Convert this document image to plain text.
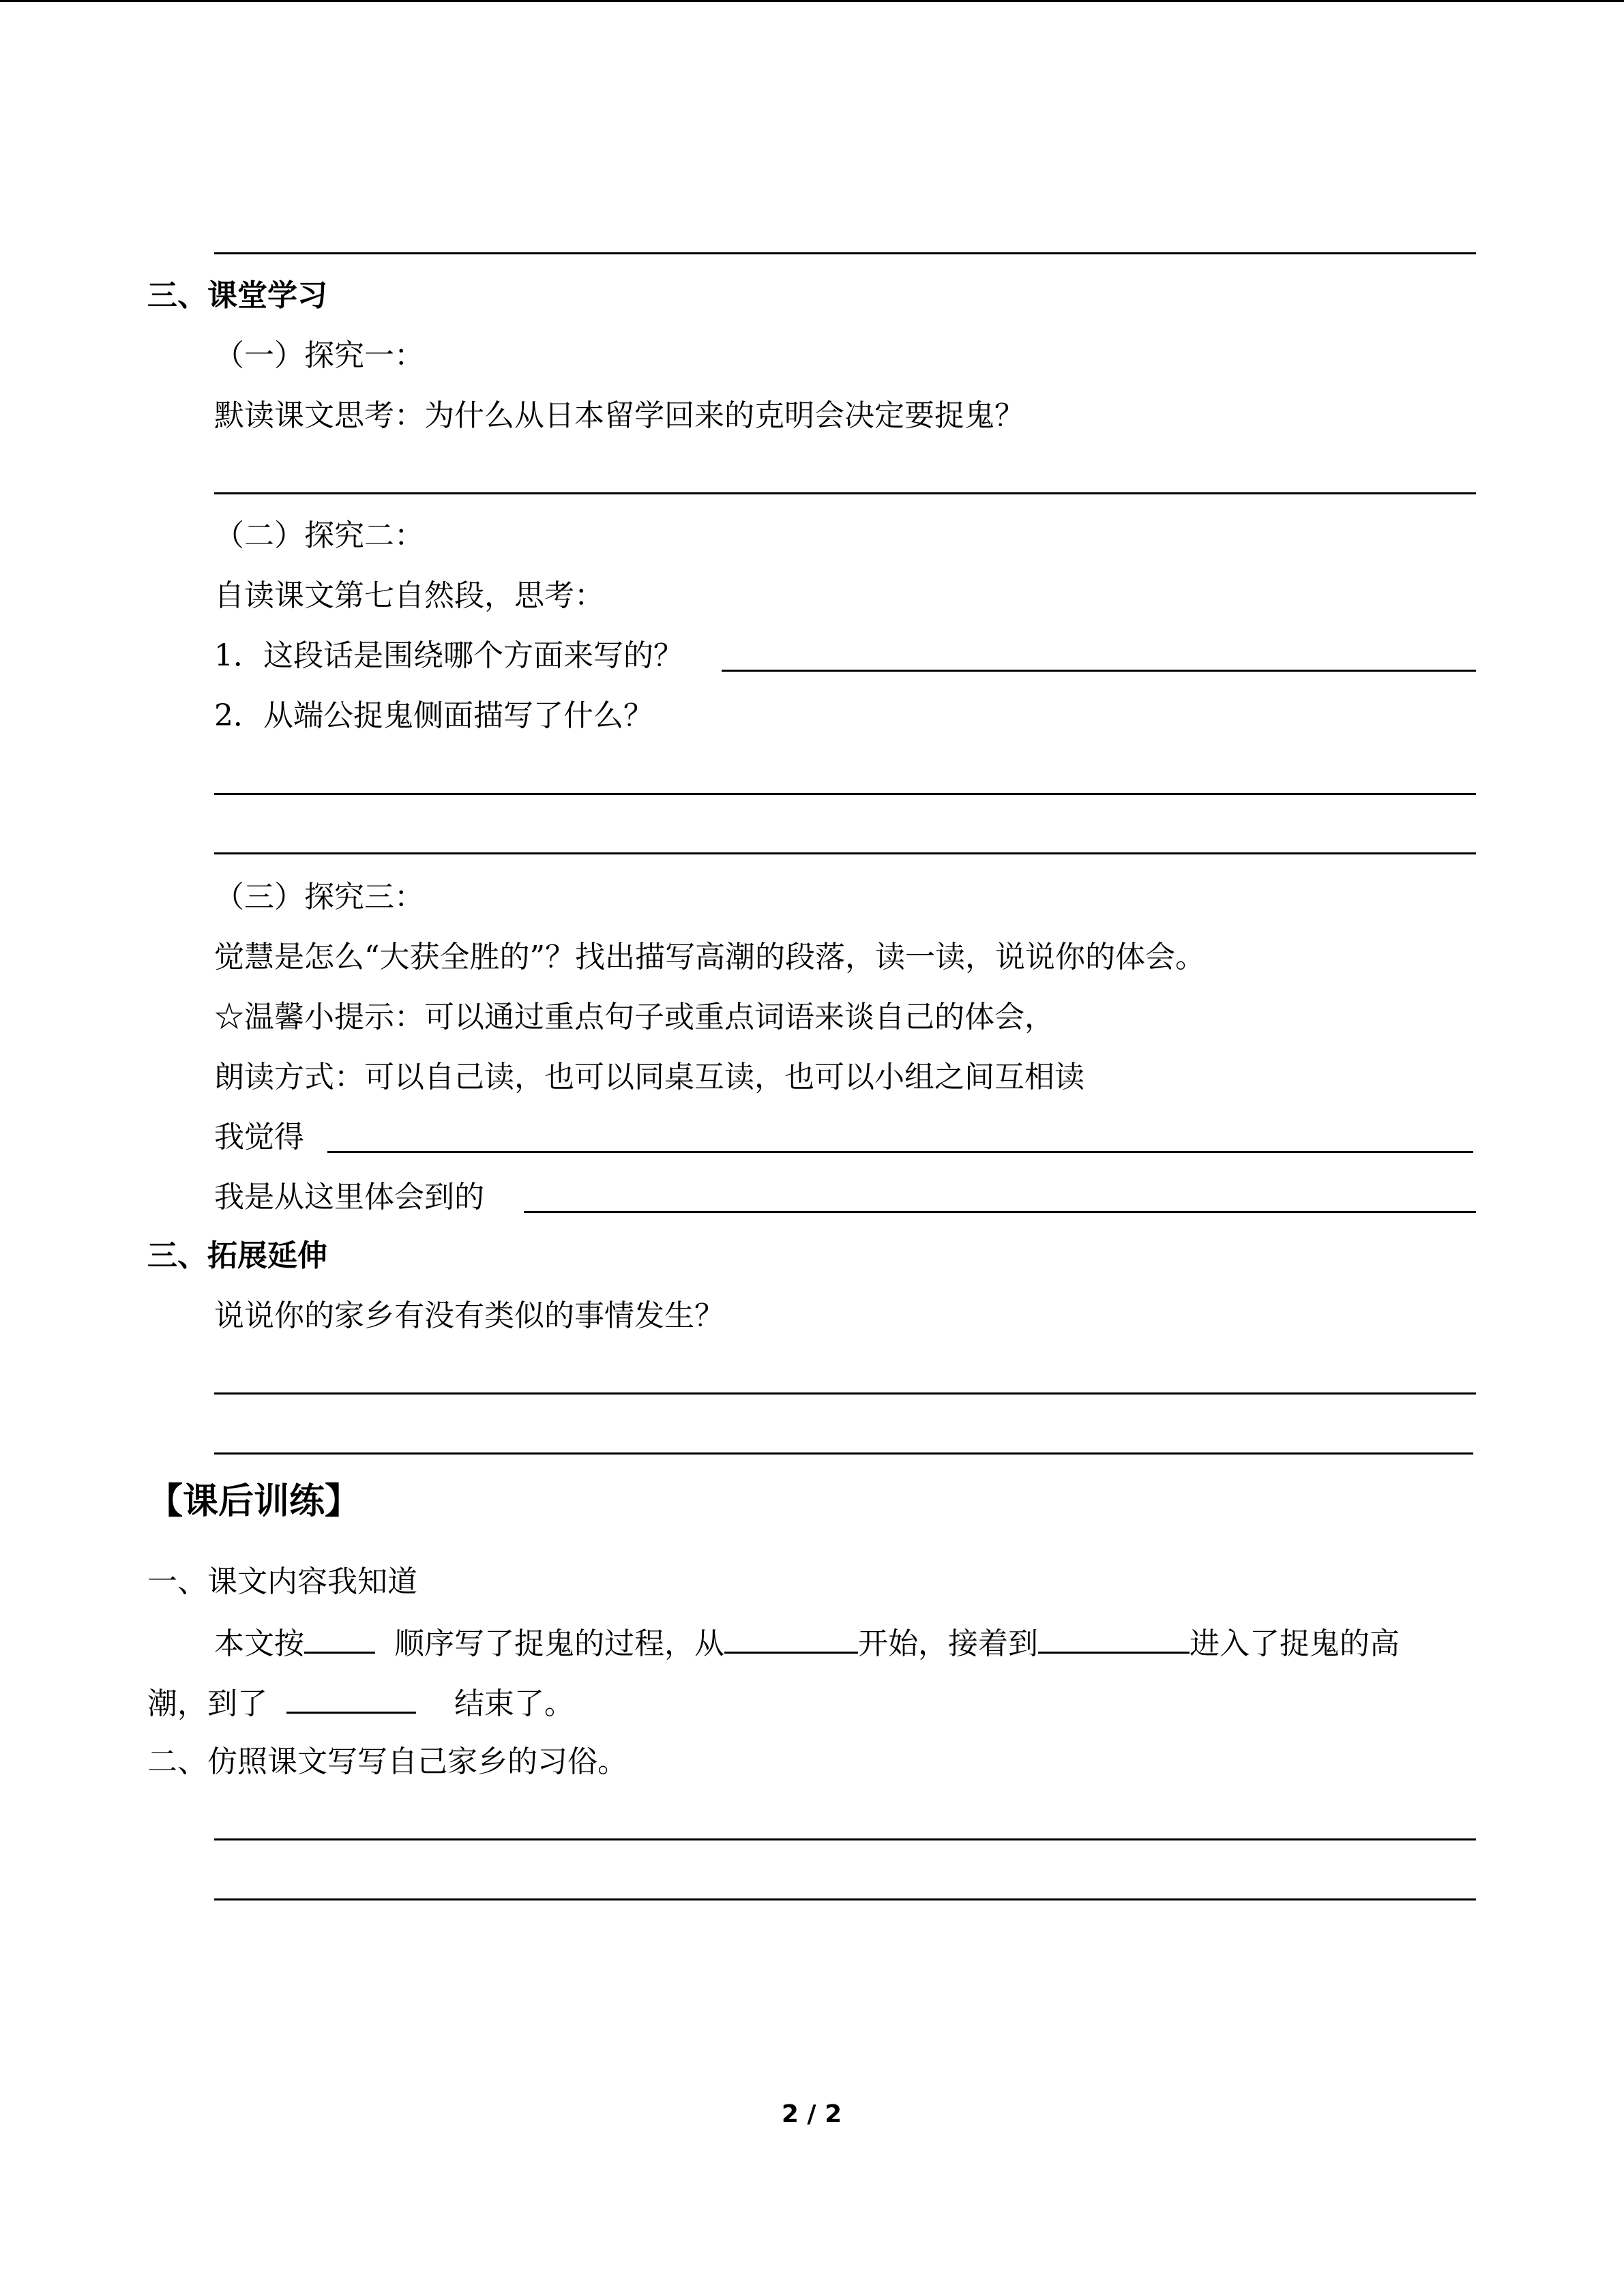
三、课堂学习
（一）探究一：
默读课文思考：为什么从日本留学回来的克明会决定要捉鬼？
（二）探究二：
自读课文第七自然段，思考：
1．这段话是围绕哪个方面来写的？
2．从端公捉鬼侧面描写了什么？
（三）探究三：
觉慧是怎么“大获全胜的”？找出描写高潮的段落，读一读，说说你的体会。
☆温馨小提示：可以通过重点句子或重点词语来谈自己的体会，
朗读方式：可以自己读，也可以同桌互读，也可以小组之间互相读
我觉得
我是从这里体会到的
三、拓展延伸
说说你的家乡有没有类似的事情发生？
【课后训练】
一、课文内容我知道
本文按	顺序写了捉鬼的过程，从	开始，接着到	进入了捉鬼的高
潮，到了	结束了。
二、仿照课文写写自己家乡的习俗。
2 / 2
